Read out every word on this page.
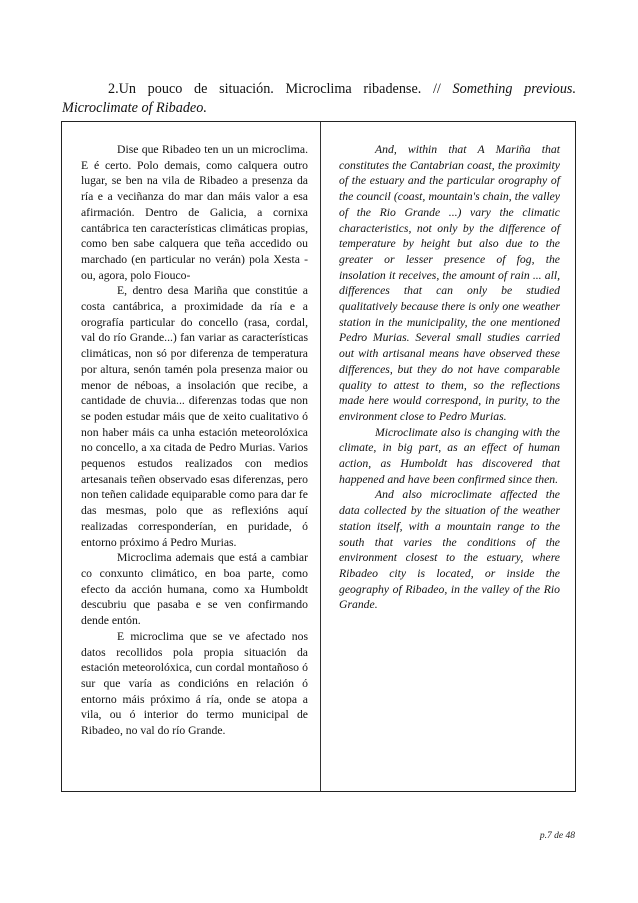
2.Un pouco de situación. Microclima ribadense. // Something previous. Microclimate of Ribadeo.

Dise que Ribadeo ten un un microclima. E é certo. Polo demais, como calquera outro lugar, se ben na vila de Ribadeo a presenza da ría e a veciñanza do mar dan máis valor a esa afirmación. Dentro de Galicia, a cornixa cantábrica ten características climáticas propias, como ben sabe calquera que teña accedido ou marchado (en particular no verán) pola Xesta -ou, agora, polo Fiouco-

E, dentro desa Mariña que constitúe a costa cantábrica, a proximidade da ría e a orografía particular do concello (rasa, cordal, val do río Grande...) fan variar as características climáticas, non só por diferenza de temperatura por altura, senón tamén pola presenza maior ou menor de néboas, a insolación que recibe, a cantidade de chuvia... diferenzas todas que non se poden estudar máis que de xeito cualitativo ó non haber máis ca unha estación meteorolóxica no concello, a xa citada de Pedro Murias. Varios pequenos estudos realizados con medios artesanais teñen observado esas diferenzas, pero non teñen calidade equiparable como para dar fe das mesmas, polo que as reflexións aquí realizadas corresponderían, en puridade, ó entorno próximo á Pedro Murias.

Microclima ademais que está a cambiar co conxunto climático, en boa parte, como efecto da acción humana, como xa Humboldt descubriu que pasaba e se ven confirmando dende entón.

E microclima que se ve afectado nos datos recollidos pola propia situación da estación meteorolóxica, cun cordal montañoso ó sur que varía as condicións en relación ó entorno máis próximo á ría, onde se atopa a vila, ou ó interior do termo municipal de Ribadeo, no val do río Grande.

And, within that A Mariña that constitutes the Cantabrian coast, the proximity of the estuary and the particular orography of the council (coast, mountain's chain, the valley of the Rio Grande ...) vary the climatic characteristics, not only by the difference of temperature by height but also due to the greater or lesser presence of fog, the insolation it receives, the amount of rain ... all, differences that can only be studied qualitatively because there is only one weather station in the municipality, the one mentioned Pedro Murias. Several small studies carried out with artisanal means have observed these differences, but they do not have comparable quality to attest to them, so the reflections made here would correspond, in purity, to the environment close to Pedro Murias.

Microclimate also is changing with the climate, in big part, as an effect of human action, as Humboldt has discovered that happened and have been confirmed since then.

And also microclimate affected the data collected by the situation of the weather station itself, with a mountain range to the south that varies the conditions of the environment closest to the estuary, where Ribadeo city is located, or inside the geography of Ribadeo, in the valley of the Rio Grande.

p.7 de 48
